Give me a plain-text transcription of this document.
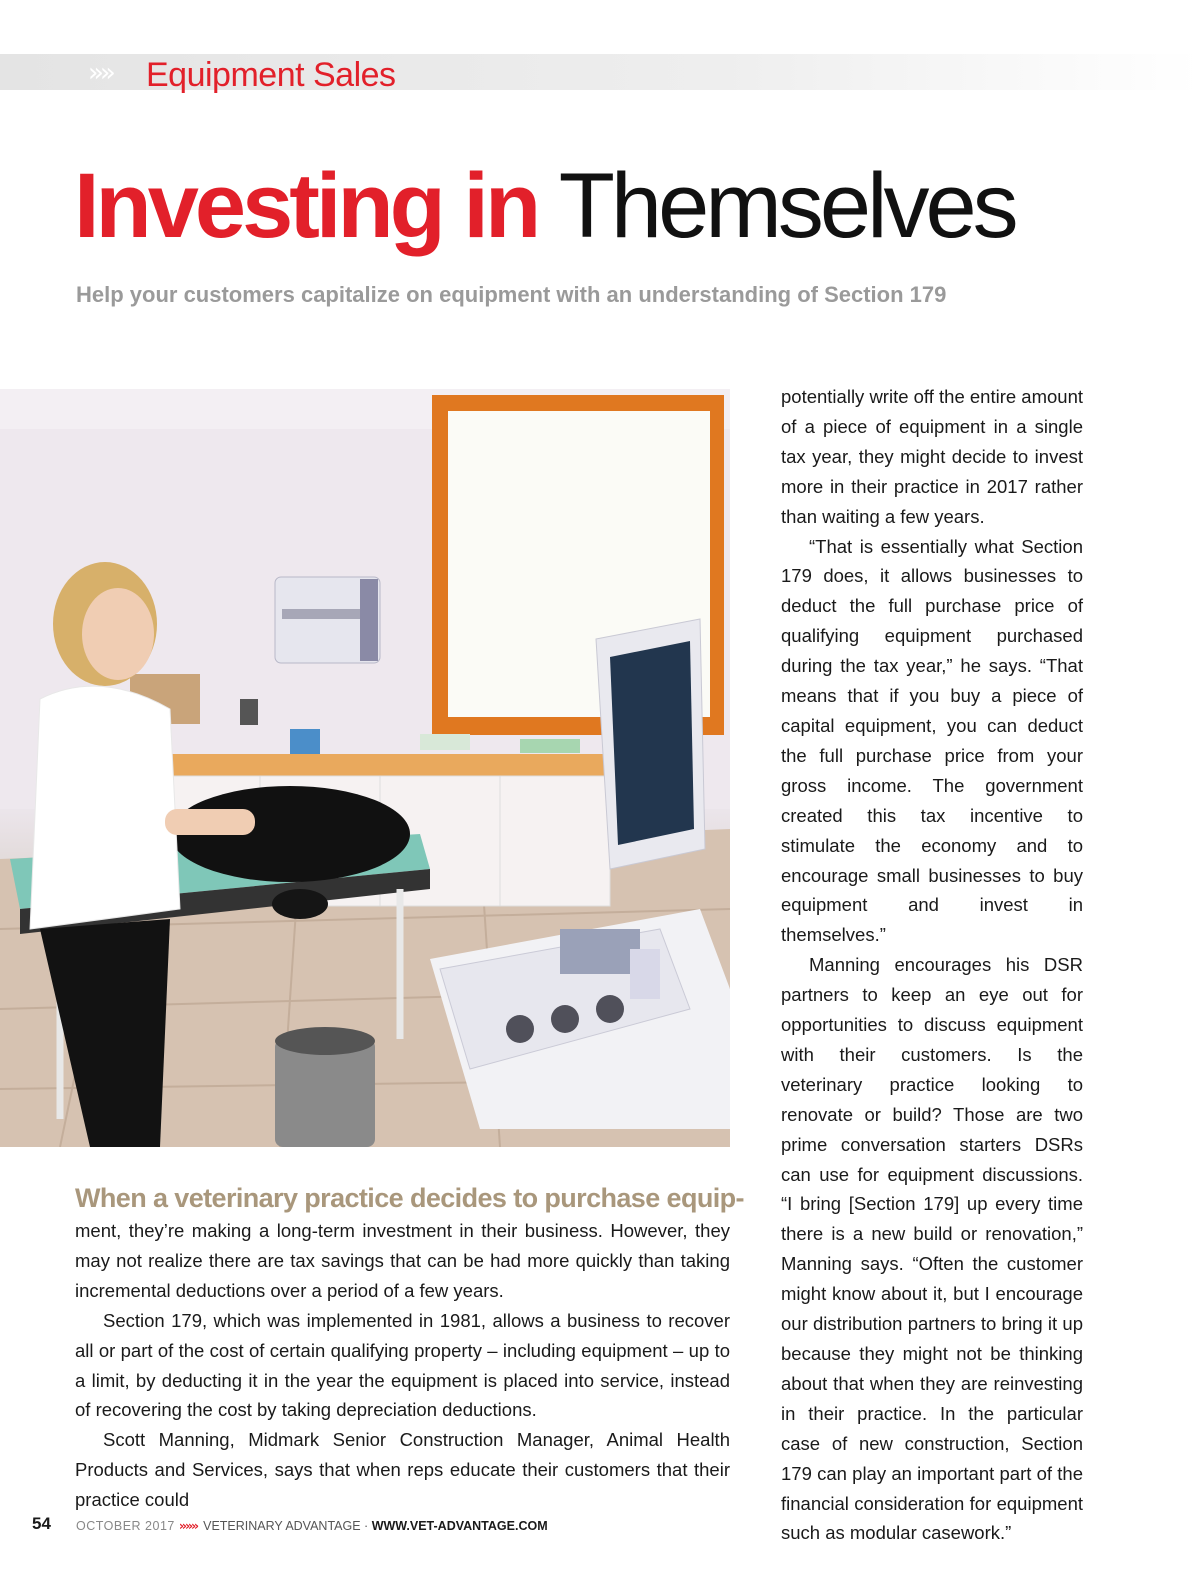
»» Equipment Sales
Investing in Themselves
Help your customers capitalize on equipment with an understanding of Section 179

When a veterinary practice decides to purchase equip-
ment, they’re making a long-term investment in their business. However, they may not realize there are tax savings that can be had more quickly than taking incremental deductions over a period of a few years.

Section 179, which was implemented in 1981, allows a business to recover all or part of the cost of certain qualifying property – including equipment – up to a limit, by deducting it in the year the equipment is placed into service, instead of recovering the cost by taking depreciation deductions.

Scott Manning, Midmark Senior Construction Manager, Animal Health Products and Services, says that when reps educate their customers that their practice could

potentially write off the entire amount of a piece of equipment in a single tax year, they might decide to invest more in their practice in 2017 rather than waiting a few years.

“That is essentially what Section 179 does, it allows businesses to deduct the full purchase price of qualifying equipment purchased during the tax year,” he says. “That means that if you buy a piece of capital equipment, you can deduct the full purchase price from your gross income. The government created this tax incentive to stimulate the economy and to encourage small businesses to buy equipment and invest in themselves.”

Manning encourages his DSR partners to keep an eye out for opportunities to discuss equipment with their customers. Is the veterinary practice looking to renovate or build? Those are two prime conversation starters DSRs can use for equipment discussions. “I bring [Section 179] up every time there is a new build or renovation,” Manning says. “Often the customer might know about it, but I encourage our distribution partners to bring it up because they might not be thinking about that when they are reinvesting in their practice. In the particular case of new construction, Section 179 can play an important part of the financial consideration for equipment such as modular casework.”

54 OCTOBER 2017 »»» VETERINARY ADVANTAGE · WWW.VET-ADVANTAGE.COM
